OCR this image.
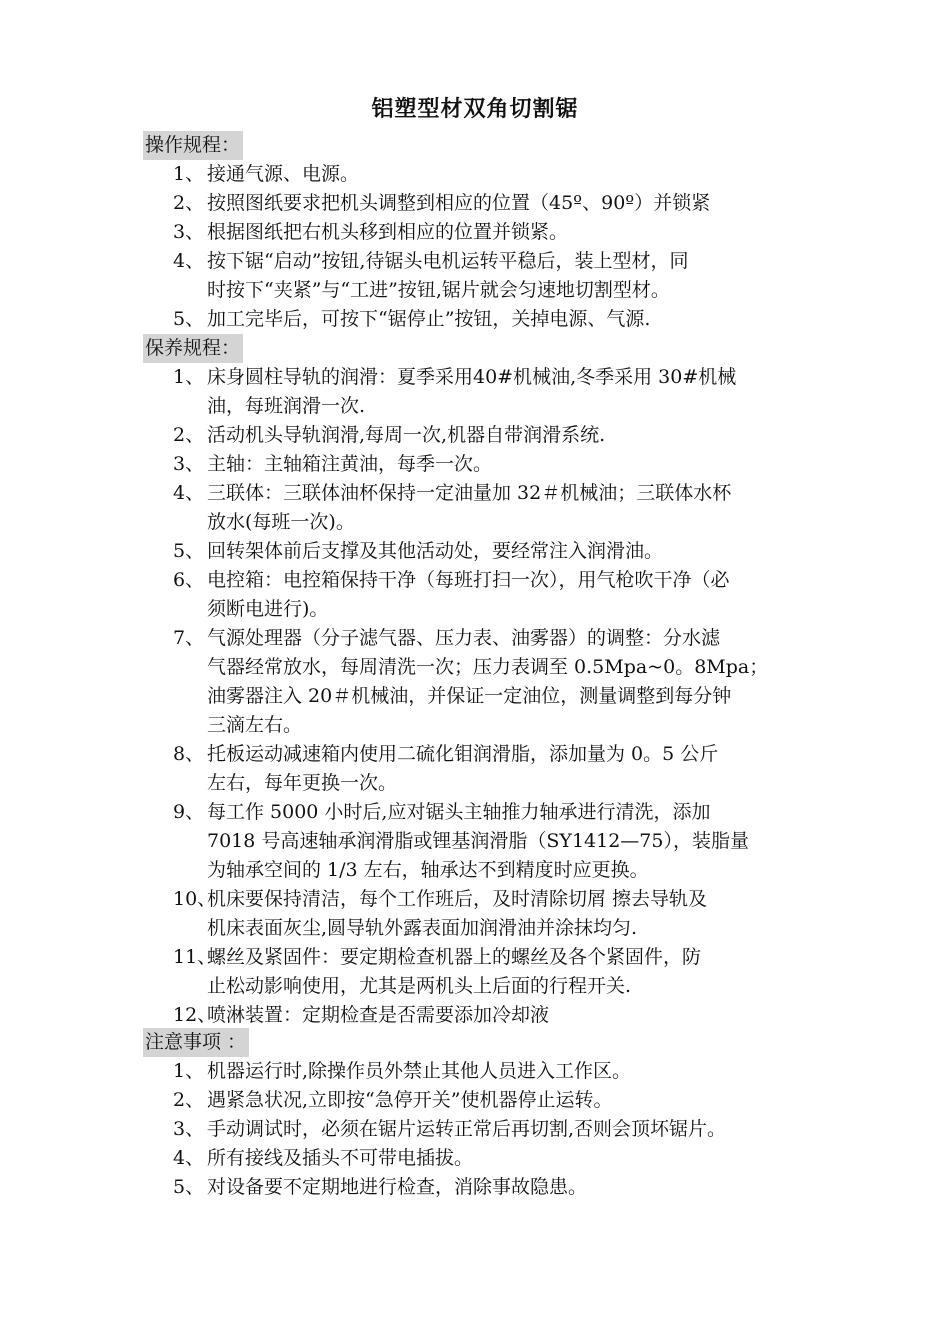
铝塑型材双角切割锯
操作规程：
1、 接通气源、电源。
2、 按照图纸要求把机头调整到相应的位置（45º、90º）并锁紧
3、 根据图纸把右机头移到相应的位置并锁紧。
4、 按下锯“启动”按钮,待锯头电机运转平稳后，装上型材，同
时按下“夹紧”与“工进”按钮,锯片就会匀速地切割型材。
5、 加工完毕后，可按下“锯停止”按钮，关掉电源、气源.
保养规程：
1、 床身圆柱导轨的润滑：夏季采用40#机械油,冬季采用 30#机械
油，每班润滑一次.
2、 活动机头导轨润滑,每周一次,机器自带润滑系统.
3、 主轴：主轴箱注黄油，每季一次。
4、 三联体：三联体油杯保持一定油量加 32＃机械油；三联体水杯
放水(每班一次)。
5、 回转架体前后支撑及其他活动处，要经常注入润滑油。
6、 电控箱：电控箱保持干净（每班打扫一次），用气枪吹干净（必
须断电进行)。
7、 气源处理器（分子滤气器、压力表、油雾器）的调整：分水滤
气器经常放水，每周清洗一次；压力表调至 0.5Mpa~0。8Mpa；
油雾器注入 20＃机械油，并保证一定油位，测量调整到每分钟
三滴左右。
8、 托板运动减速箱内使用二硫化钼润滑脂，添加量为 0。5 公斤
左右，每年更换一次。
9、 每工作 5000 小时后,应对锯头主轴推力轴承进行清洗，添加
7018 号高速轴承润滑脂或锂基润滑脂（SY1412—75），装脂量
为轴承空间的 1/3 左右，轴承达不到精度时应更换。
10、
机床要保持清洁，每个工作班后，及时清除切屑 擦去导轨及
机床表面灰尘,圆导轨外露表面加润滑油并涂抹均匀.
11、
螺丝及紧固件：要定期检查机器上的螺丝及各个紧固件，防
止松动影响使用，尤其是两机头上后面的行程开关.
12、
喷淋装置：定期检查是否需要添加冷却液
注意事项 ：
1、 机器运行时,除操作员外禁止其他人员进入工作区。
2、 遇紧急状况,立即按“急停开关”使机器停止运转。
3、 手动调试时，必须在锯片运转正常后再切割,否则会顶坏锯片。
4、 所有接线及插头不可带电插拔。
5、 对设备要不定期地进行检查，消除事故隐患。
